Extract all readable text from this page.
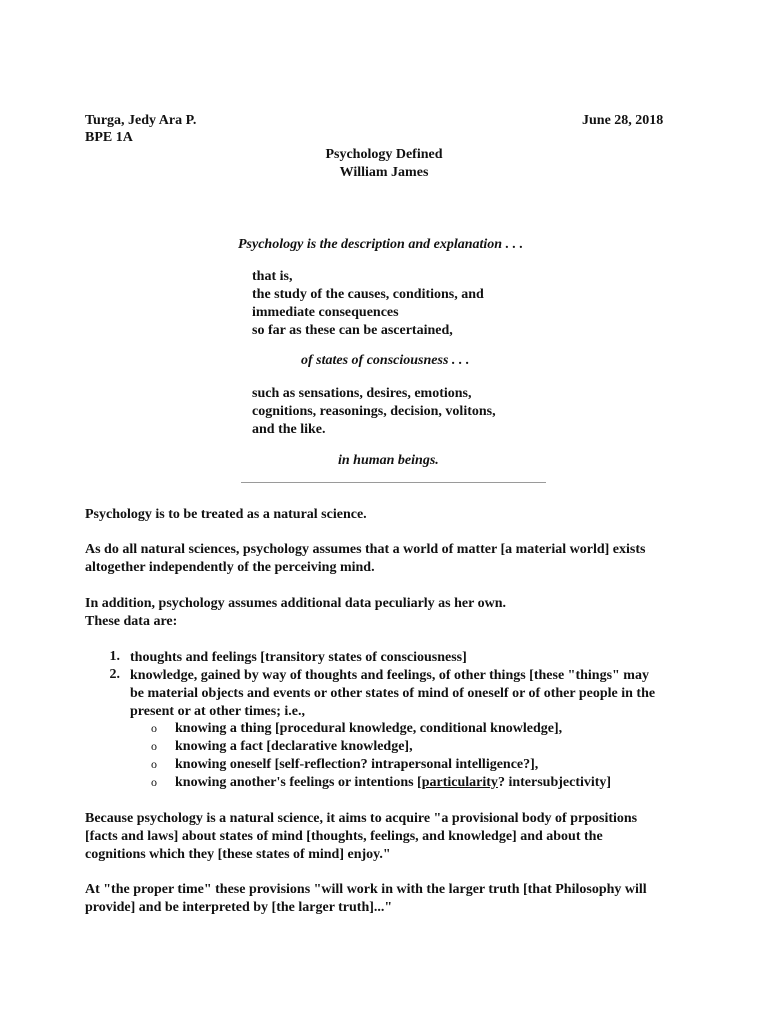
Turga, Jedy Ara P.
BPE 1A
June 28, 2018
Psychology Defined
William James
Psychology is the description and explanation . . .
that is,
the study of the causes, conditions, and
immediate consequences
so far as these can be ascertained,
of states of consciousness . . .
such as sensations, desires, emotions,
cognitions, reasonings, decision, volitons,
and the like.
in human beings.
Psychology is to be treated as a natural science.
As do all natural sciences, psychology assumes that a world of matter [a material world] exists
altogether independently of the perceiving mind.
In addition, psychology assumes additional data peculiarly as her own.
These data are:
1. thoughts and feelings [transitory states of consciousness]
2. knowledge, gained by way of thoughts and feelings, of other things [these "things" may
be material objects and events or other states of mind of oneself or of other people in the
present or at other times; i.e.,
o knowing a thing [procedural knowledge, conditional knowledge],
o knowing a fact [declarative knowledge],
o knowing oneself [self-reflection? intrapersonal intelligence?],
o knowing another's feelings or intentions [particularity? intersubjectivity]
Because psychology is a natural science, it aims to acquire "a provisional body of prpositions
[facts and laws] about states of mind [thoughts, feelings, and knowledge] and about the
cognitions which they [these states of mind] enjoy."
At "the proper time" these provisions "will work in with the larger truth [that Philosophy will
provide] and be interpreted by [the larger truth]..."
